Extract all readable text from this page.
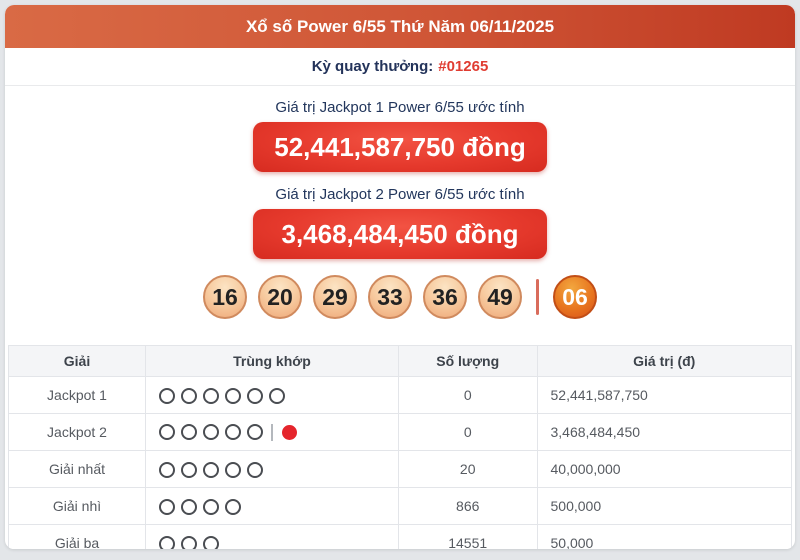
Xổ số Power 6/55 Thứ Năm 06/11/2025
Kỳ quay thưởng: #01265
Giá trị Jackpot 1 Power 6/55 ước tính
52,441,587,750 đồng
Giá trị Jackpot 2 Power 6/55 ước tính
3,468,484,450 đồng
16	20	29	33	36	49	06
Giải	Trùng khớp	Số lượng	Giá trị (đ)
Jackpot 1		0	52,441,587,750
Jackpot 2		0	3,468,484,450
Giải nhất		20	40,000,000
Giải nhì		866	500,000
Giải ba		14551	50,000
